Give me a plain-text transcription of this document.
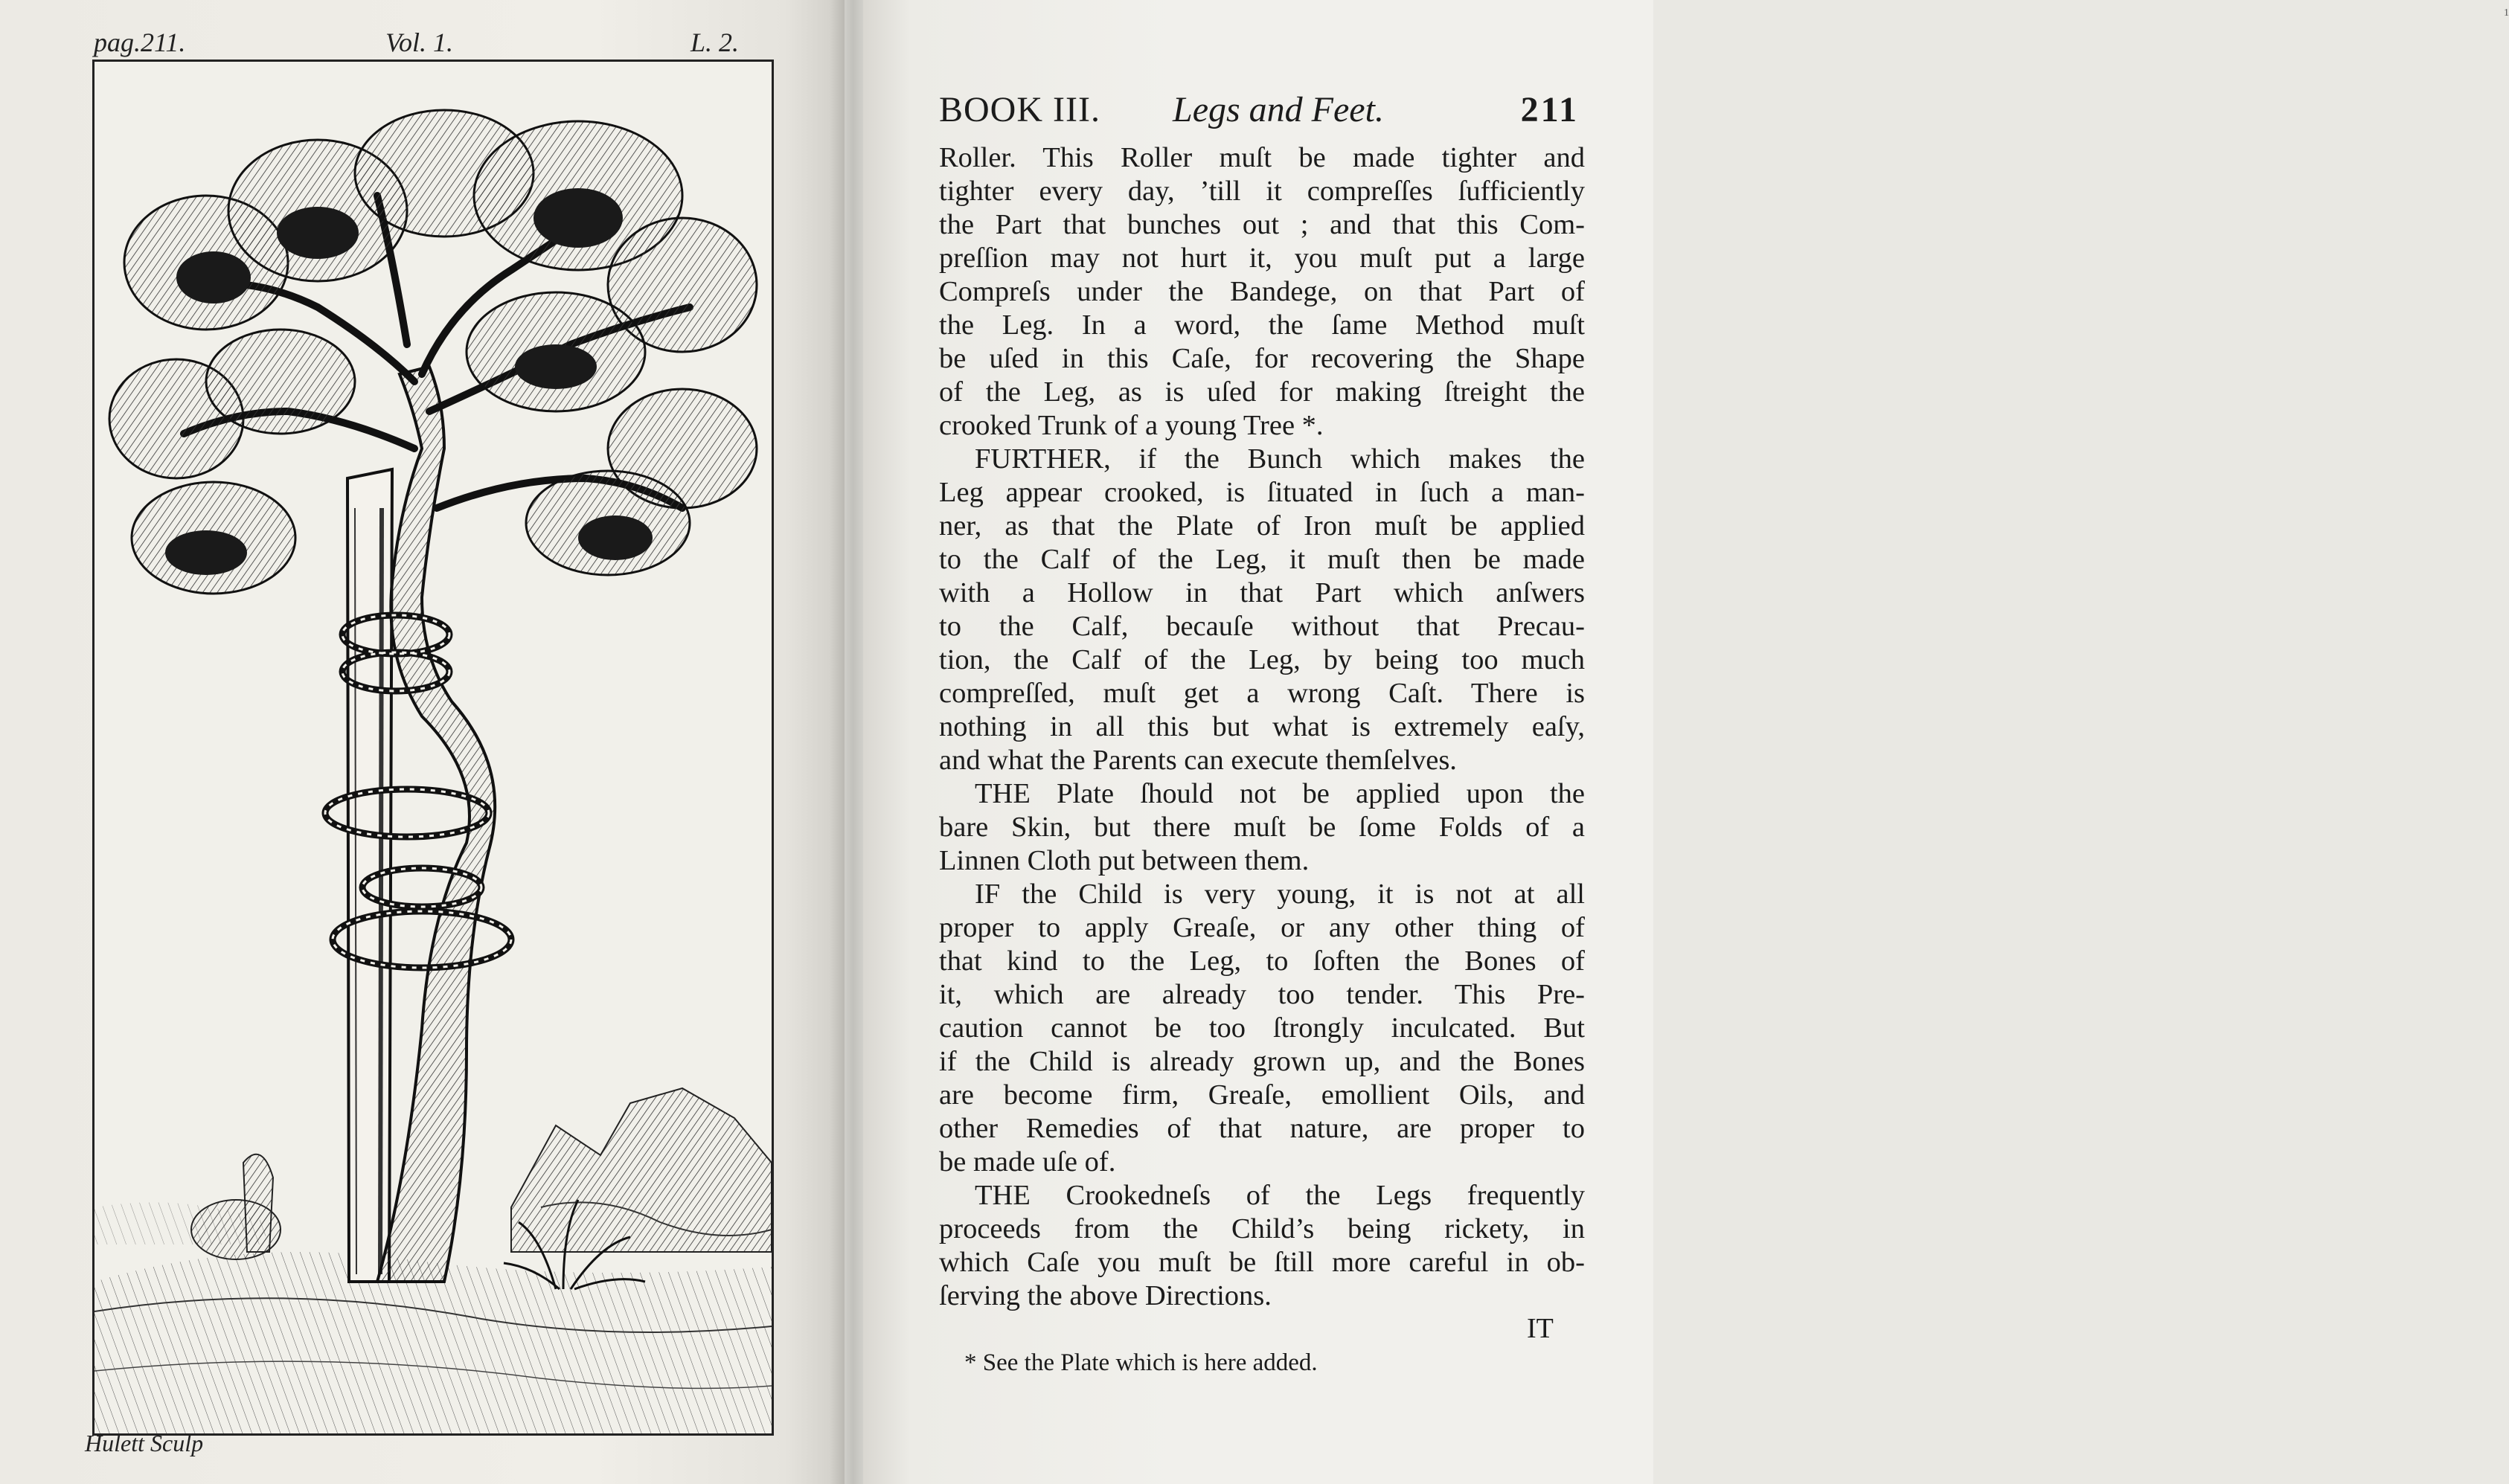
pag.211.	Vol. 1.	L. 2.
Hulett Sculp
1
BOOK III. Legs and Feet.	211
Roller. This Roller muſt be made tighter and
tighter every day, ’till it compreſſes ſufficiently
the Part that bunches out ; and that this Com-
preſſion may not hurt it, you muſt put a large
Compreſs under the Bandege, on that Part of
the Leg. In a word, the ſame Method muſt
be uſed in this Caſe, for recovering the Shape
of the Leg, as is uſed for making ſtreight the
crooked Trunk of a young Tree *.
FURTHER, if the Bunch which makes the
Leg appear crooked, is ſituated in ſuch a man-
ner, as that the Plate of Iron muſt be applied
to the Calf of the Leg, it muſt then be made
with a Hollow in that Part which anſwers
to the Calf, becauſe without that Precau-
tion, the Calf of the Leg, by being too much
compreſſed, muſt get a wrong Caſt. There is
nothing in all this but what is extremely eaſy,
and what the Parents can execute themſelves.
THE Plate ſhould not be applied upon the
bare Skin, but there muſt be ſome Folds of a
Linnen Cloth put between them.
IF the Child is very young, it is not at all
proper to apply Greaſe, or any other thing of
that kind to the Leg, to ſoften the Bones of
it, which are already too tender. This Pre-
caution cannot be too ſtrongly inculcated. But
if the Child is already grown up, and the Bones
are become firm, Greaſe, emollient Oils, and
other Remedies of that nature, are proper to
be made uſe of.
THE Crookedneſs of the Legs frequently
proceeds from the Child’s being rickety, in
which Caſe you muſt be ſtill more careful in ob-
ſerving the above Directions.
IT
* See the Plate which is here added.
